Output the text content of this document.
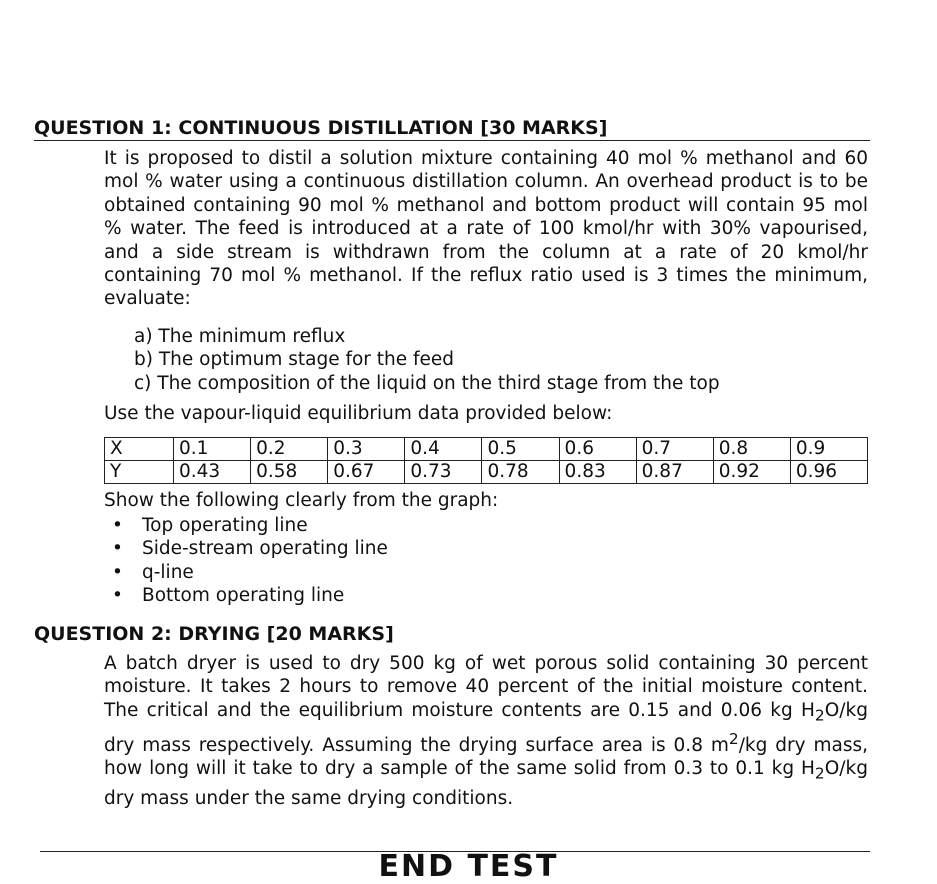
QUESTION 1: CONTINUOUS DISTILLATION [30 MARKS]
It is proposed to distil a solution mixture containing 40 mol % methanol and 60 mol % water using a continuous distillation column. An overhead product is to be obtained containing 90 mol % methanol and bottom product will contain 95 mol % water. The feed is introduced at a rate of 100 kmol/hr with 30% vapourised, and a side stream is withdrawn from the column at a rate of 20 kmol/hr containing 70 mol % methanol. If the reflux ratio used is 3 times the minimum, evaluate:
a) The minimum reflux
b) The optimum stage for the feed
c) The composition of the liquid on the third stage from the top
Use the vapour-liquid equilibrium data provided below:
X	0.1	0.2	0.3	0.4	0.5	0.6	0.7	0.8	0.9
Y	0.43	0.58	0.67	0.73	0.78	0.83	0.87	0.92	0.96
Show the following clearly from the graph:
• Top operating line
• Side-stream operating line
• q-line
• Bottom operating line
QUESTION 2: DRYING [20 MARKS]
A batch dryer is used to dry 500 kg of wet porous solid containing 30 percent moisture. It takes 2 hours to remove 40 percent of the initial moisture content. The critical and the equilibrium moisture contents are 0.15 and 0.06 kg $H_2O/kg$ dry mass respectively. Assuming the drying surface area is 0.8 $m^2/kg$ dry mass, how long will it take to dry a sample of the same solid from 0.3 to 0.1 kg $H_2O/kg$ dry mass under the same drying conditions.
END TEST
